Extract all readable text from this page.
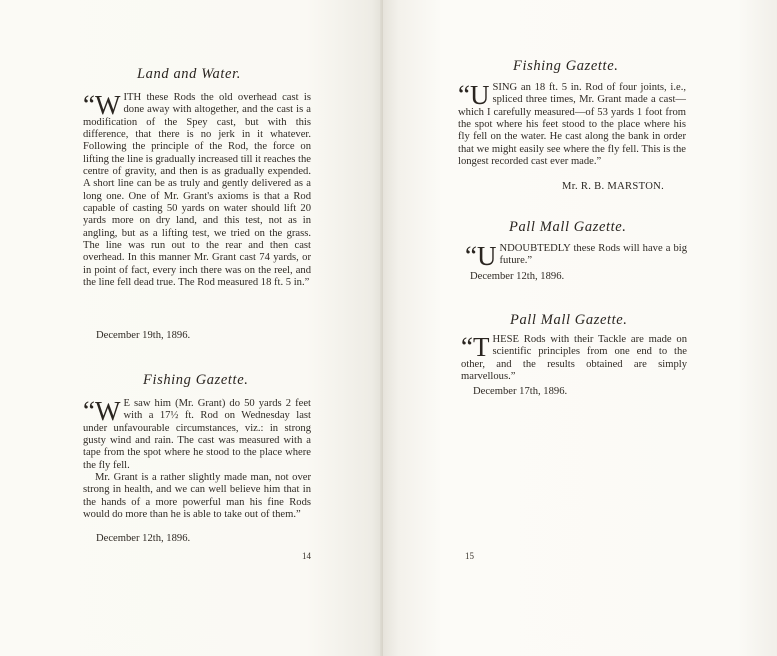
Land and Water.

“WITH these Rods the old overhead cast is done away with altogether, and the cast is a modification of the Spey cast, but with this difference, that there is no jerk in it whatever. Following the principle of the Rod, the force on lifting the line is gradually increased till it reaches the centre of gravity, and then is as gradually expended. A short line can be as truly and gently delivered as a long one. One of Mr. Grant's axioms is that a Rod capable of casting 50 yards on water should lift 20 yards more on dry land, and this test, not as in angling, but as a lifting test, we tried on the grass. The line was run out to the rear and then cast overhead. In this manner Mr. Grant cast 74 yards, or in point of fact, every inch there was on the reel, and the line fell dead true. The Rod measured 18 ft. 5 in.”

December 19th, 1896.

Fishing Gazette.

“W E saw him (Mr. Grant) do 50 yards 2 feet with a 17½ ft. Rod on Wednesday last under unfavourable circumstances, viz.: in strong gusty wind and rain. The cast was measured with a tape from the spot where he stood to the place where the fly fell.

Mr. Grant is a rather slightly made man, not over strong in health, and we can well believe him that in the hands of a more powerful man his fine Rods would do more than he is able to take out of them.”

December 12th, 1896.

14
Fishing Gazette.

“USING an 18 ft. 5 in. Rod of four joints, i.e., spliced three times, Mr. Grant made a cast—which I carefully measured—of 53 yards 1 foot from the spot where his feet stood to the place where his fly fell on the water. He cast along the bank in order that we might easily see where the fly fell. This is the longest recorded cast ever made.”

Mr. R. B. MARSTON.

Pall Mall Gazette.

“UNDOUBTEDLY these Rods will have a big future.”

December 12th, 1896.

Pall Mall Gazette.

“THESE Rods with their Tackle are made on scientific principles from one end to the other, and the results obtained are simply marvellous.”

December 17th, 1896.

15
